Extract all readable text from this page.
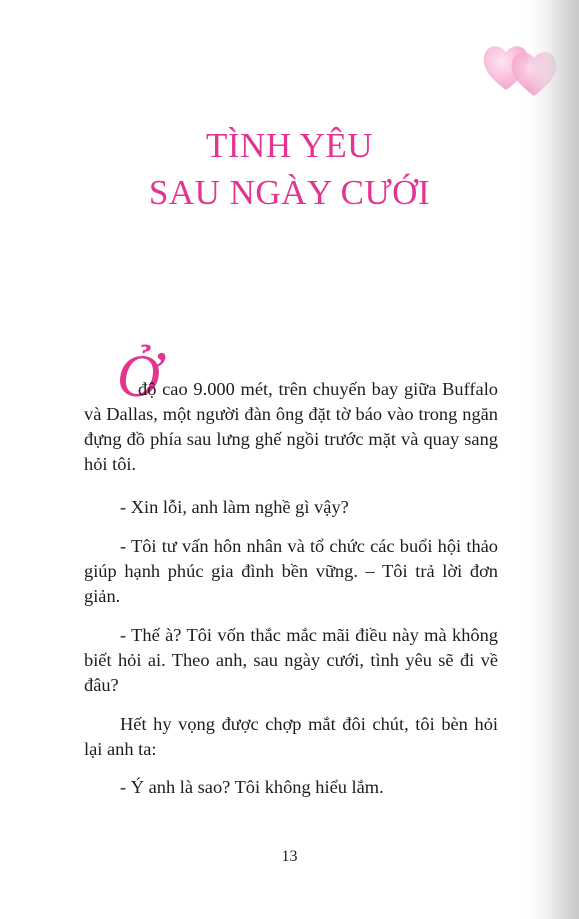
TÌNH YÊU
SAU NGÀY CƯỚI
Ở

độ cao 9.000 mét, trên chuyến bay giữa Buffalo và Dallas, một người đàn ông đặt tờ báo vào trong ngăn đựng đồ phía sau lưng ghế ngồi trước mặt và quay sang hỏi tôi.

- Xin lỗi, anh làm nghề gì vậy?

- Tôi tư vấn hôn nhân và tổ chức các buổi hội thảo giúp hạnh phúc gia đình bền vững. – Tôi trả lời đơn giản.

- Thế à? Tôi vốn thắc mắc mãi điều này mà không biết hỏi ai. Theo anh, sau ngày cưới, tình yêu sẽ đi về đâu?

Hết hy vọng được chợp mắt đôi chút, tôi bèn hỏi lại anh ta:

- Ý anh là sao? Tôi không hiểu lắm.

13
